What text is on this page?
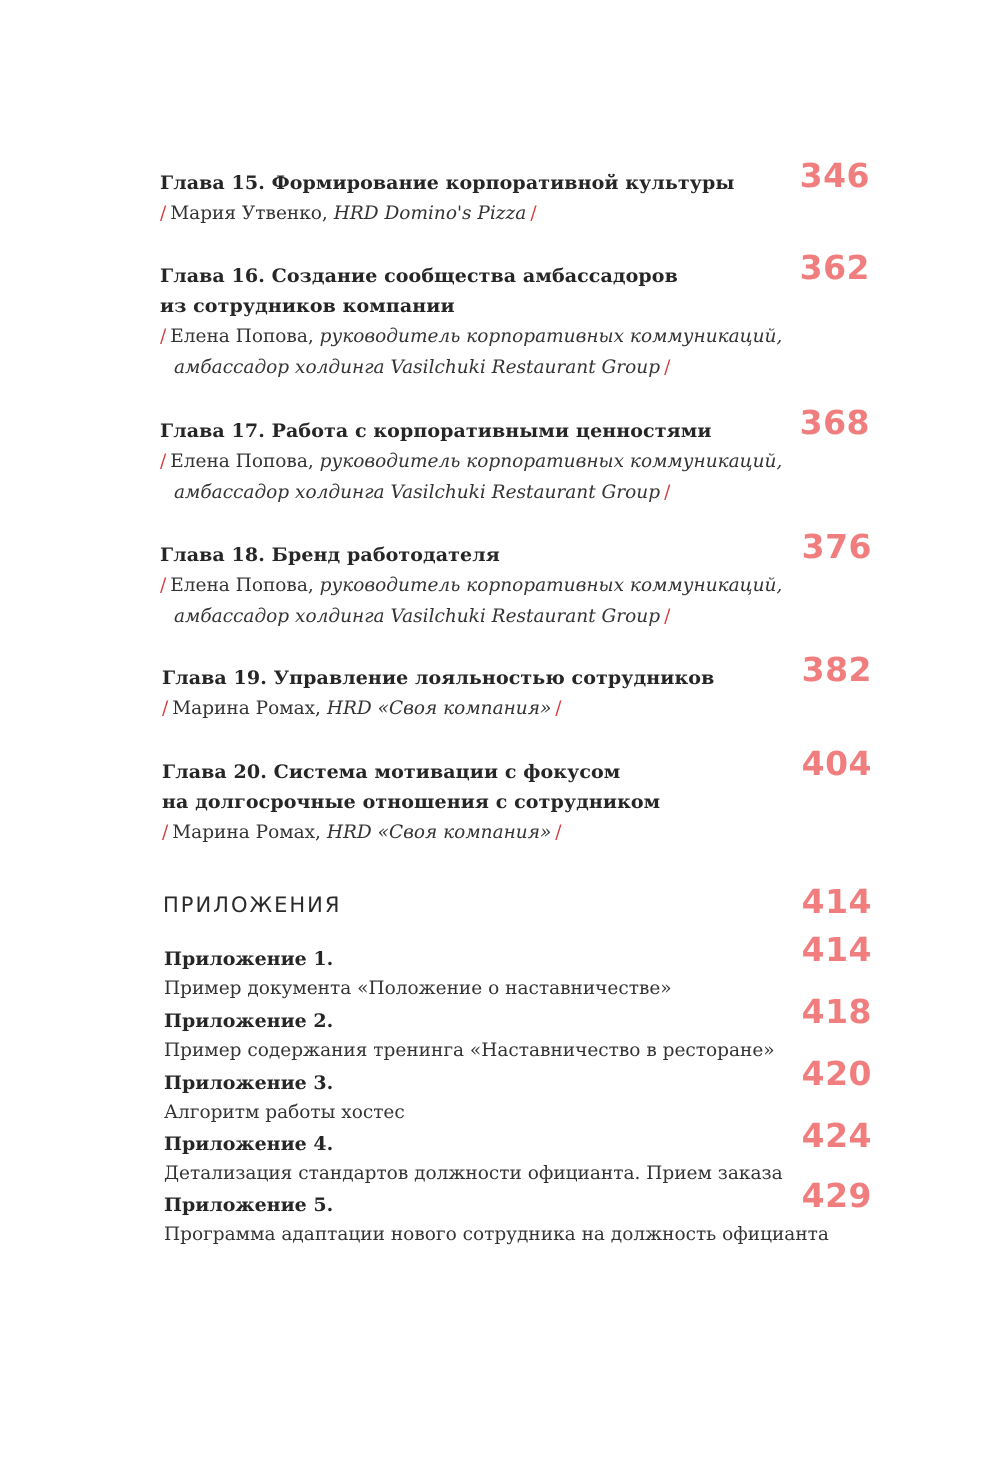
Глава 15. Формирование корпоративной культуры
/ Мария Утвенко, HRD Domino's Pizza /
346
Глава 16. Создание сообщества амбассадоров
из сотрудников компании
/ Елена Попова, руководитель корпоративных коммуникаций,
амбассадор холдинга Vasilchuki Restaurant Group /
362
Глава 17. Работа с корпоративными ценностями
/ Елена Попова, руководитель корпоративных коммуникаций,
амбассадор холдинга Vasilchuki Restaurant Group /
368
Глава 18. Бренд работодателя
/ Елена Попова, руководитель корпоративных коммуникаций,
амбассадор холдинга Vasilchuki Restaurant Group /
376
Глава 19. Управление лояльностью сотрудников
/ Марина Ромах, HRD «Своя компания» /
382
Глава 20. Система мотивации с фокусом
на долгосрочные отношения с сотрудником
/ Марина Ромах, HRD «Своя компания» /
404
ПРИЛОЖЕНИЯ	414
Приложение 1.
Пример документа «Положение о наставничестве»
414
Приложение 2.
Пример содержания тренинга «Наставничество в ресторане»
418
Приложение 3.
Алгоритм работы хостес
420
Приложение 4.
Детализация стандартов должности официанта. Прием заказа
424
Приложение 5.
Программа адаптации нового сотрудника на должность официанта
429
